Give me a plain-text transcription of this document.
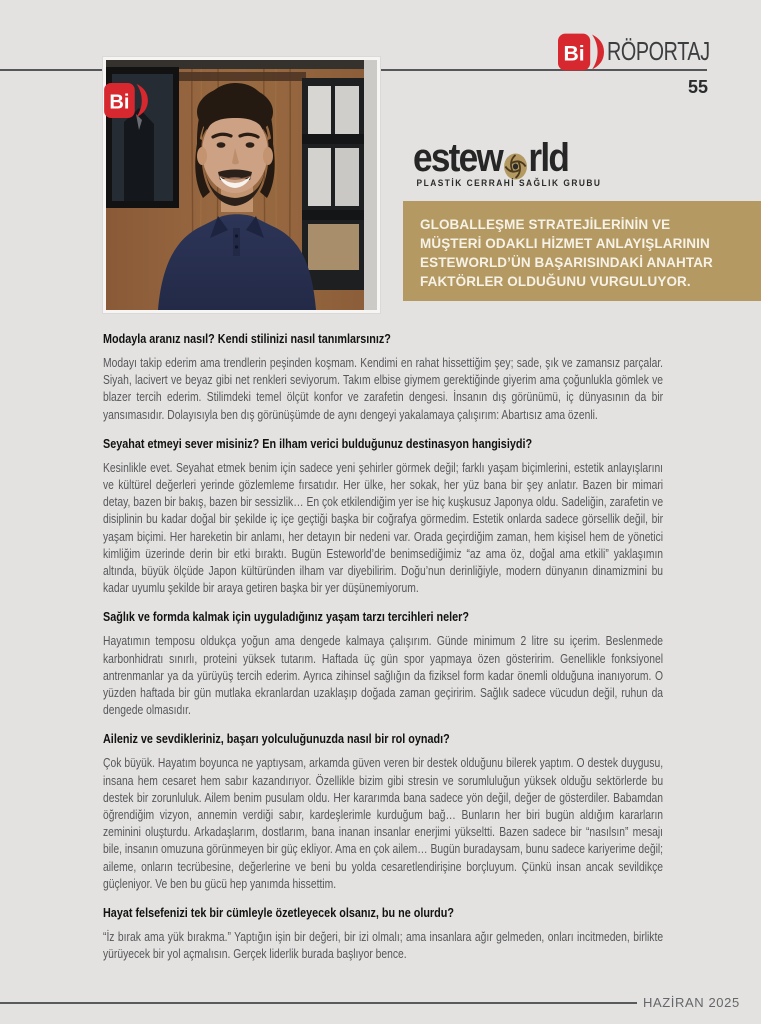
Bi RÖPORTAJ
55
Bi
estew rld
PLASTİK CERRAHİ SAĞLIK GRUBU
GLOBALLEŞME STRATEJİLERİNİN VE
MÜŞTERİ ODAKLI HİZMET ANLAYIŞLARININ
ESTEWORLD’ÜN BAŞARISINDAKİ ANAHTAR
FAKTÖRLER OLDUĞUNU VURGULUYOR.

Modayla aranız nasıl? Kendi stilinizi nasıl tanımlarsınız?

Modayı takip ederim ama trendlerin peşinden koşmam. Kendimi en rahat hissettiğim şey; sade, şık ve zamansız parçalar. Siyah, lacivert ve beyaz gibi net renkleri seviyorum. Takım elbise giymem gerektiğinde giyerim ama çoğunlukla gömlek ve blazer tercih ederim. Stilimdeki temel ölçüt konfor ve zarafetin dengesi. İnsanın dış görünümü, iç dünyasının da bir yansımasıdır. Dolayısıyla ben dış görünüşümde de aynı dengeyi yakalamaya çalışırım: Abartısız ama özenli.

Seyahat etmeyi sever misiniz? En ilham verici bulduğunuz destinasyon hangisiydi?

Kesinlikle evet. Seyahat etmek benim için sadece yeni şehirler görmek değil; farklı yaşam biçimlerini, estetik anlayışlarını ve kültürel değerleri yerinde gözlemleme fırsatıdır. Her ülke, her sokak, her yüz bana bir şey anlatır. Bazen bir mimari detay, bazen bir bakış, bazen bir sessizlik… En çok etkilendiğim yer ise hiç kuşkusuz Japonya oldu. Sadeliğin, zarafetin ve disiplinin bu kadar doğal bir şekilde iç içe geçtiği başka bir coğrafya görmedim. Estetik onlarda sadece görsellik değil, bir yaşam biçimi. Her hareketin bir anlamı, her detayın bir nedeni var. Orada geçirdiğim zaman, hem kişisel hem de yönetici kimliğim üzerinde derin bir etki bıraktı. Bugün Esteworld’de benimsediğimiz “az ama öz, doğal ama etkili” yaklaşımın altında, büyük ölçüde Japon kültüründen ilham var diyebilirim. Doğu’nun derinliğiyle, modern dünyanın dinamizmini bu kadar uyumlu şekilde bir araya getiren başka bir yer düşünemiyorum.

Sağlık ve formda kalmak için uyguladığınız yaşam tarzı tercihleri neler?

Hayatımın temposu oldukça yoğun ama dengede kalmaya çalışırım. Günde minimum 2 litre su içerim. Beslenmede karbonhidratı sınırlı, proteini yüksek tutarım. Haftada üç gün spor yapmaya özen gösteririm. Genellikle fonksiyonel antrenmanlar ya da yürüyüş tercih ederim. Ayrıca zihinsel sağlığın da fiziksel form kadar önemli olduğuna inanıyorum. O yüzden haftada bir gün mutlaka ekranlardan uzaklaşıp doğada zaman geçiririm. Sağlık sadece vücudun değil, ruhun da dengede olmasıdır.

Aileniz ve sevdikleriniz, başarı yolculuğunuzda nasıl bir rol oynadı?

Çok büyük. Hayatım boyunca ne yaptıysam, arkamda güven veren bir destek olduğunu bilerek yaptım. O destek duygusu, insana hem cesaret hem sabır kazandırıyor. Özellikle bizim gibi stresin ve sorumluluğun yüksek olduğu sektörlerde bu destek bir zorunluluk. Ailem benim pusulam oldu. Her kararımda bana sadece yön değil, değer de gösterdiler. Babamdan öğrendiğim vizyon, annemin verdiği sabır, kardeşlerimle kurduğum bağ… Bunların her biri bugün aldığım kararların zeminini oluşturdu. Arkadaşlarım, dostlarım, bana inanan insanlar enerjimi yükseltti. Bazen sadece bir “nasılsın” mesajı bile, insanın omuzuna görünmeyen bir güç ekliyor. Ama en çok ailem… Bugün buradaysam, bunu sadece kariyerime değil; aileme, onların tecrübesine, değerlerine ve beni bu yolda cesaretlendirişine borçluyum. Çünkü insan ancak sevildikçe güçleniyor. Ve ben bu gücü hep yanımda hissettim.

Hayat felsefenizi tek bir cümleyle özetleyecek olsanız, bu ne olurdu?

“İz bırak ama yük bırakma.” Yaptığın işin bir değeri, bir izi olmalı; ama insanlara ağır gelmeden, onları incitmeden, birlikte yürüyecek bir yol açmalısın. Gerçek liderlik burada başlıyor bence.

HAZİRAN 2025
